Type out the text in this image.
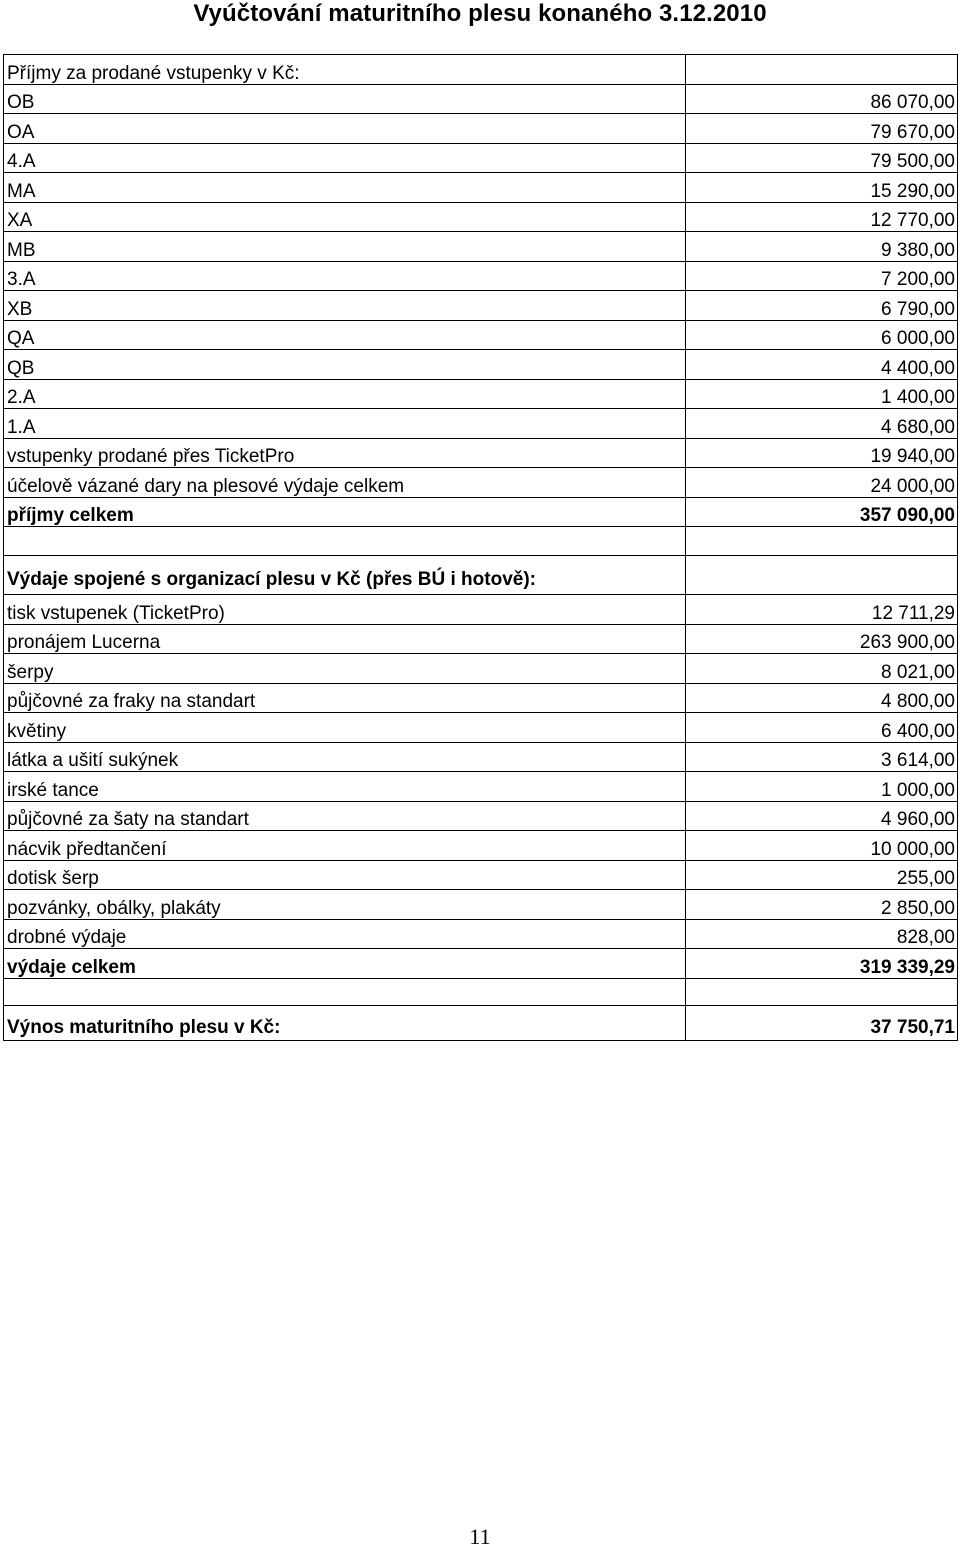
Vyúčtování maturitního plesu konaného 3.12.2010
Příjmy za prodané vstupenky v Kč:	
OB	86 070,00
OA	79 670,00
4.A	79 500,00
MA	15 290,00
XA	12 770,00
MB	9 380,00
3.A	7 200,00
XB	6 790,00
QA	6 000,00
QB	4 400,00
2.A	1 400,00
1.A	4 680,00
vstupenky prodané přes TicketPro	19 940,00
účelově vázané dary na plesové výdaje celkem	24 000,00
příjmy celkem	357 090,00

Výdaje spojené s organizací plesu v Kč (přes BÚ i hotově):	
tisk vstupenek (TicketPro)	12 711,29
pronájem Lucerna	263 900,00
šerpy	8 021,00
půjčovné za fraky na standart	4 800,00
květiny	6 400,00
látka a ušití sukýnek	3 614,00
irské tance	1 000,00
půjčovné za šaty na standart	4 960,00
nácvik předtančení	10 000,00
dotisk šerp	255,00
pozvánky, obálky, plakáty	2 850,00
drobné výdaje	828,00
výdaje celkem	319 339,29

Výnos maturitního plesu v Kč:	37 750,71
11
